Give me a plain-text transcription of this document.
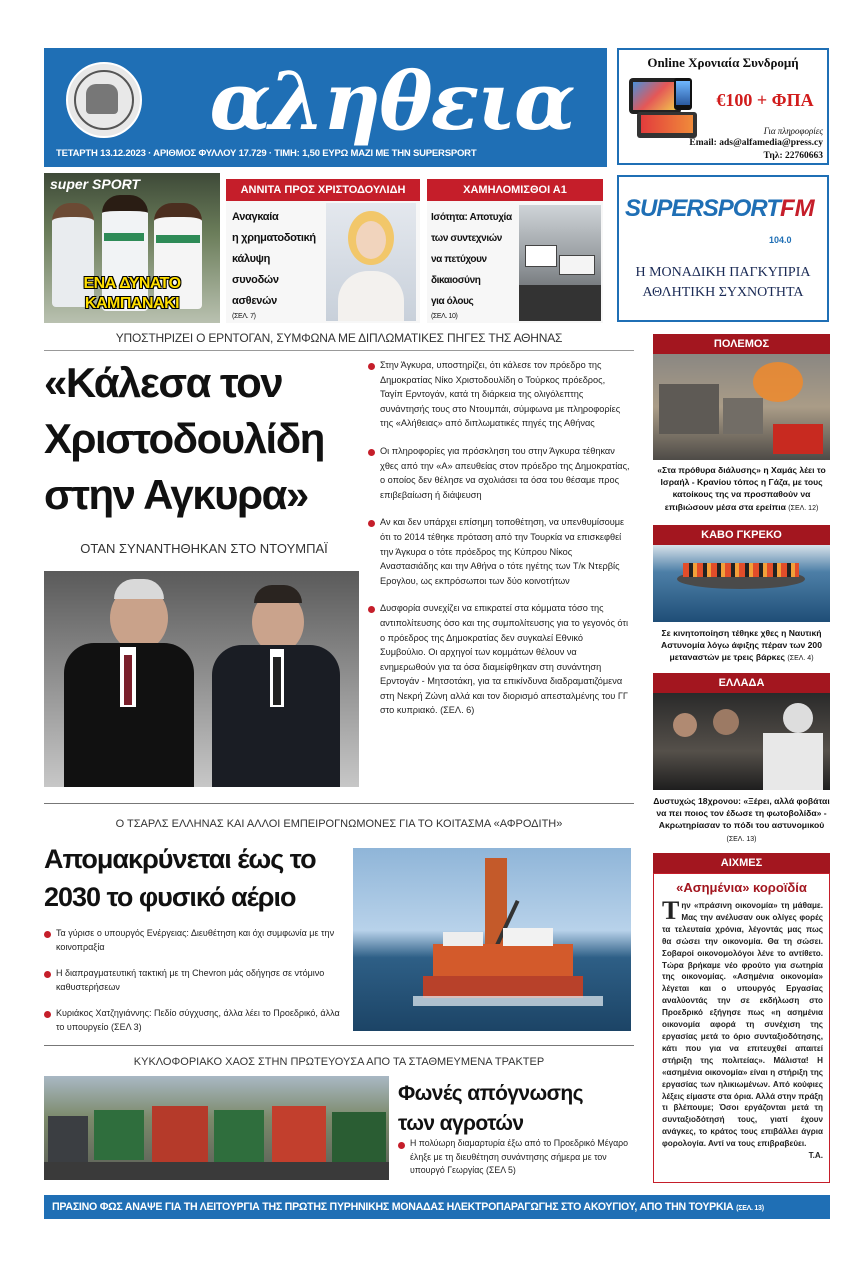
αληθεια
ΤΕΤΑΡΤΗ 13.12.2023 · ΑΡΙΘΜΟΣ ΦΥΛΛΟΥ 17.729 · ΤΙΜΗ: 1,50 ΕΥΡΩ ΜΑΖΙ ΜΕ ΤΗΝ SUPERSPORT
Online Χρονιαία Συνδρομή
€100 + ΦΠΑ
Για πληροφορίες
Email: ads@alfamedia@press.cy
Τηλ: 22760663
super SPORT
ΕΝΑ ΔΥΝΑΤΟ
ΚΑΜΠΑΝΑΚΙ
ΑΝΝΙΤΑ ΠΡΟΣ ΧΡΙΣΤΟΔΟΥΛΙΔΗ
Αναγκαία
η χρηματοδοτική
κάλυψη
συνοδών
ασθενών
(ΣΕΛ. 7)
ΧΑΜΗΛΟΜΙΣΘΟΙ Α1
Ισότητα: Αποτυχία
των συντεχνιών
να πετύχουν
δικαιοσύνη
για όλους
(ΣΕΛ. 10)
SUPERSPORTFM
104.0
Η ΜΟΝΑΔΙΚΗ ΠΑΓΚΥΠΡΙΑ
ΑΘΛΗΤΙΚΗ ΣΥΧΝΟΤΗΤΑ
ΥΠΟΣΤΗΡΙΖΕΙ Ο ΕΡΝΤΟΓΑΝ, ΣΥΜΦΩΝΑ ΜΕ ΔΙΠΛΩΜΑΤΙΚΕΣ ΠΗΓΕΣ ΤΗΣ ΑΘΗΝΑΣ
«Κάλεσα τον
Χριστοδουλίδη
στην Αγκυρα»
ΟΤΑΝ ΣΥΝΑΝΤΗΘΗΚΑΝ ΣΤΟ ΝΤΟΥΜΠΑΪ
Στην Άγκυρα, υποστηρίζει, ότι κάλεσε τον πρόεδρο της Δημοκρατίας Νίκο Χριστοδουλίδη ο Τούρκος πρόεδρος, Ταγίπ Ερντογάν, κατά τη διάρκεια της ολιγόλεπτης συνάντησής τους στο Ντουμπάι, σύμφωνα με πληροφορίες της «Αλήθειας» από διπλωματικές πηγές της Αθήνας
Οι πληροφορίες για πρόσκληση του στην Άγκυρα τέθηκαν χθες από την «Α» απευθείας στον πρόεδρο της Δημοκρατίας, ο οποίος δεν θέλησε να σχολιάσει τα όσα του θέσαμε προς επιβεβαίωση ή διάψευση
Αν και δεν υπάρχει επίσημη τοποθέτηση, να υπενθυμίσουμε ότι το 2014 τέθηκε πρόταση από την Τουρκία να επισκεφθεί την Άγκυρα ο τότε πρόεδρος της Κύπρου Νίκος Αναστασιάδης και την Αθήνα ο τότε ηγέτης των Τ/κ Ντερβίς Ερογλου, ως εκπρόσωποι των δύο κοινοτήτων
Δυσφορία συνεχίζει να επικρατεί στα κόμματα τόσο της αντιπολίτευσης όσο και της συμπολίτευσης για το γεγονός ότι ο πρόεδρος της Δημοκρατίας δεν συγκαλεί Εθνικό Συμβούλιο. Οι αρχηγοί των κομμάτων θέλουν να ενημερωθούν για τα όσα διαμείφθηκαν στη συνάντηση Ερντογάν - Μητσοτάκη, για τα επικίνδυνα διαδραματιζόμενα στη Νεκρή Ζώνη αλλά και τον διορισμό απεσταλμένης του ΓΓ στο κυπριακό. (ΣΕΛ. 6)
Ο ΤΣΑΡΛΣ ΕΛΛΗΝΑΣ ΚΑΙ ΑΛΛΟΙ ΕΜΠΕΙΡΟΓΝΩΜΟΝΕΣ ΓΙΑ ΤΟ ΚΟΙΤΑΣΜΑ «ΑΦΡΟΔΙΤΗ»
Απομακρύνεται έως το
2030 το φυσικό αέριο
Τα γύρισε ο υπουργός Ενέργειας: Διευθέτηση και όχι συμφωνία με την κοινοπραξία
Η διαπραγματευτική τακτική με τη Chevron μάς οδήγησε σε ντόμινο καθυστερήσεων
Κυριάκος Χατζηγιάννης: Πεδίο σύγχυσης, άλλα λέει το Προεδρικό, άλλα το υπουργείο (ΣΕΛ 3)
ΚΥΚΛΟΦΟΡΙΑΚΟ ΧΑΟΣ ΣΤΗΝ ΠΡΩΤΕΥΟΥΣΑ ΑΠΟ ΤΑ ΣΤΑΘΜΕΥΜΕΝΑ ΤΡΑΚΤΕΡ
Φωνές απόγνωσης
των αγροτών
Η πολύωρη διαμαρτυρία έξω από το Προεδρικό Μέγαρο έληξε με τη διευθέτηση συνάντησης σήμερα με τον υπουργό Γεωργίας (ΣΕΛ 5)
ΠΟΛΕΜΟΣ
«Στα πρόθυρα διάλυσης» η Χαμάς λέει το Ισραήλ - Κρανίου τόπος η Γάζα, με τους κατοίκους της να προσπαθούν να επιβιώσουν μέσα στα ερείπια (ΣΕΛ. 12)
ΚΑΒΟ ΓΚΡΕΚΟ
Σε κινητοποίηση τέθηκε χθες η Ναυτική Αστυνομία λόγω άφιξης πέραν των 200 μεταναστών με τρεις βάρκες (ΣΕΛ. 4)
ΕΛΛΑΔΑ
Δυστυχώς 18χρονου: «Ξέρει, αλλά φοβάται να πει ποιος τον έδωσε τη φωτοβολίδα» - Ακρωτηρίασαν το πόδι του αστυνομικού (ΣΕΛ. 13)
ΑΙΧΜΕΣ
«Ασημένια» κοροϊδία
Την «πράσινη οικονομία» τη μάθαμε. Μας την ανέλυσαν ουκ ολίγες φορές τα τελευταία χρόνια, λέγοντάς μας πως θα σώσει την οικονομία. Θα τη σώσει. Σοβαροί οικονομολόγοι λένε το αντίθετο. Τώρα βρήκαμε νέο φρούτο για σωτηρία της οικονομίας. «Ασημένια οικονομία» λέγεται και ο υπουργός Εργασίας αναλύοντάς την σε εκδήλωση στο Προεδρικό εξήγησε πως «η ασημένια οικονομία αφορά τη συνέχιση της εργασίας μετά το όριο συνταξιοδότησης, κάτι που για να επιτευχθεί απαιτεί στήριξη της πολιτείας». Μάλιστα! Η «ασημένια οικονομία» είναι η στήριξη της εργασίας των ηλικιωμένων. Από κούφιες λέξεις είμαστε στα όρια. Αλλά στην πράξη τι βλέπουμε; Όσοι εργάζονται μετά τη συνταξιοδότησή τους, γιατί έχουν ανάγκες, το κράτος τους επιβάλλει άγρια φορολογία. Αντί να τους επιβραβεύει.
Τ.Α.
ΠΡΑΣΙΝΟ ΦΩΣ ΑΝΑΨΕ ΓΙΑ ΤΗ ΛΕΙΤΟΥΡΓΙΑ ΤΗΣ ΠΡΩΤΗΣ ΠΥΡΗΝΙΚΗΣ ΜΟΝΑΔΑΣ ΗΛΕΚΤΡΟΠΑΡΑΓΩΓΗΣ ΣΤΟ ΑΚΟΥΓΙΟΥ, ΑΠΟ ΤΗΝ ΤΟΥΡΚΙΑ (ΣΕΛ. 13)
